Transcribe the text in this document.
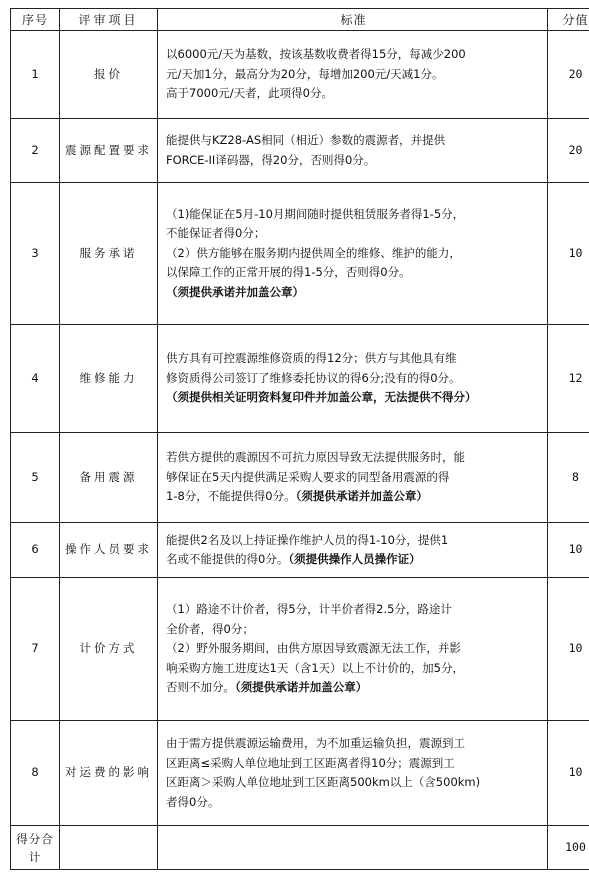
序号	评审项目	标准	分值
1	报价	以6000元/天为基数，按该基数收费者得15分，每减少200
元/天加1分，最高分为20分，每增加200元/天减1分。
高于7000元/天者，此项得0分。	20
2	震源配置要求	能提供与KZ28-AS相同（相近）参数的震源者，并提供
FORCE-II译码器，得20分，否则得0分。	20
3	服务承诺	（1)能保证在5月-10月期间随时提供租赁服务者得1-5分，
不能保证者得0分；
（2）供方能够在服务期内提供周全的维修、维护的能力，
以保障工作的正常开展的得1-5分，否则得0分。
（须提供承诺并加盖公章）	10
4	维修能力	供方具有可控震源维修资质的得12分；供方与其他具有维
修资质得公司签订了维修委托协议的得6分;没有的得0分。
（须提供相关证明资料复印件并加盖公章，无法提供不得分）	12
5	备用震源	若供方提供的震源因不可抗力原因导致无法提供服务时，能
够保证在5天内提供满足采购人要求的同型备用震源的得
1-8分，不能提供得0分。（须提供承诺并加盖公章）	8
6	操作人员要求	能提供2名及以上持证操作维护人员的得1-10分，提供1
名或不能提供的得0分。（须提供操作人员操作证）	10
7	计价方式	（1）路途不计价者，得5分，计半价者得2.5分，路途计
全价者，得0分；
（2）野外服务期间，由供方原因导致震源无法工作，并影
响采购方施工进度达1天（含1天）以上不计价的，加5分，
否则不加分。（须提供承诺并加盖公章）	10
8	对运费的影响	由于需方提供震源运输费用，为不加重运输负担，震源到工
区距离≤采购人单位地址到工区距离者得10分；震源到工
区距离＞采购人单位地址到工区距离500km以上（含500km)
者得0分。	10
得分合计			100
